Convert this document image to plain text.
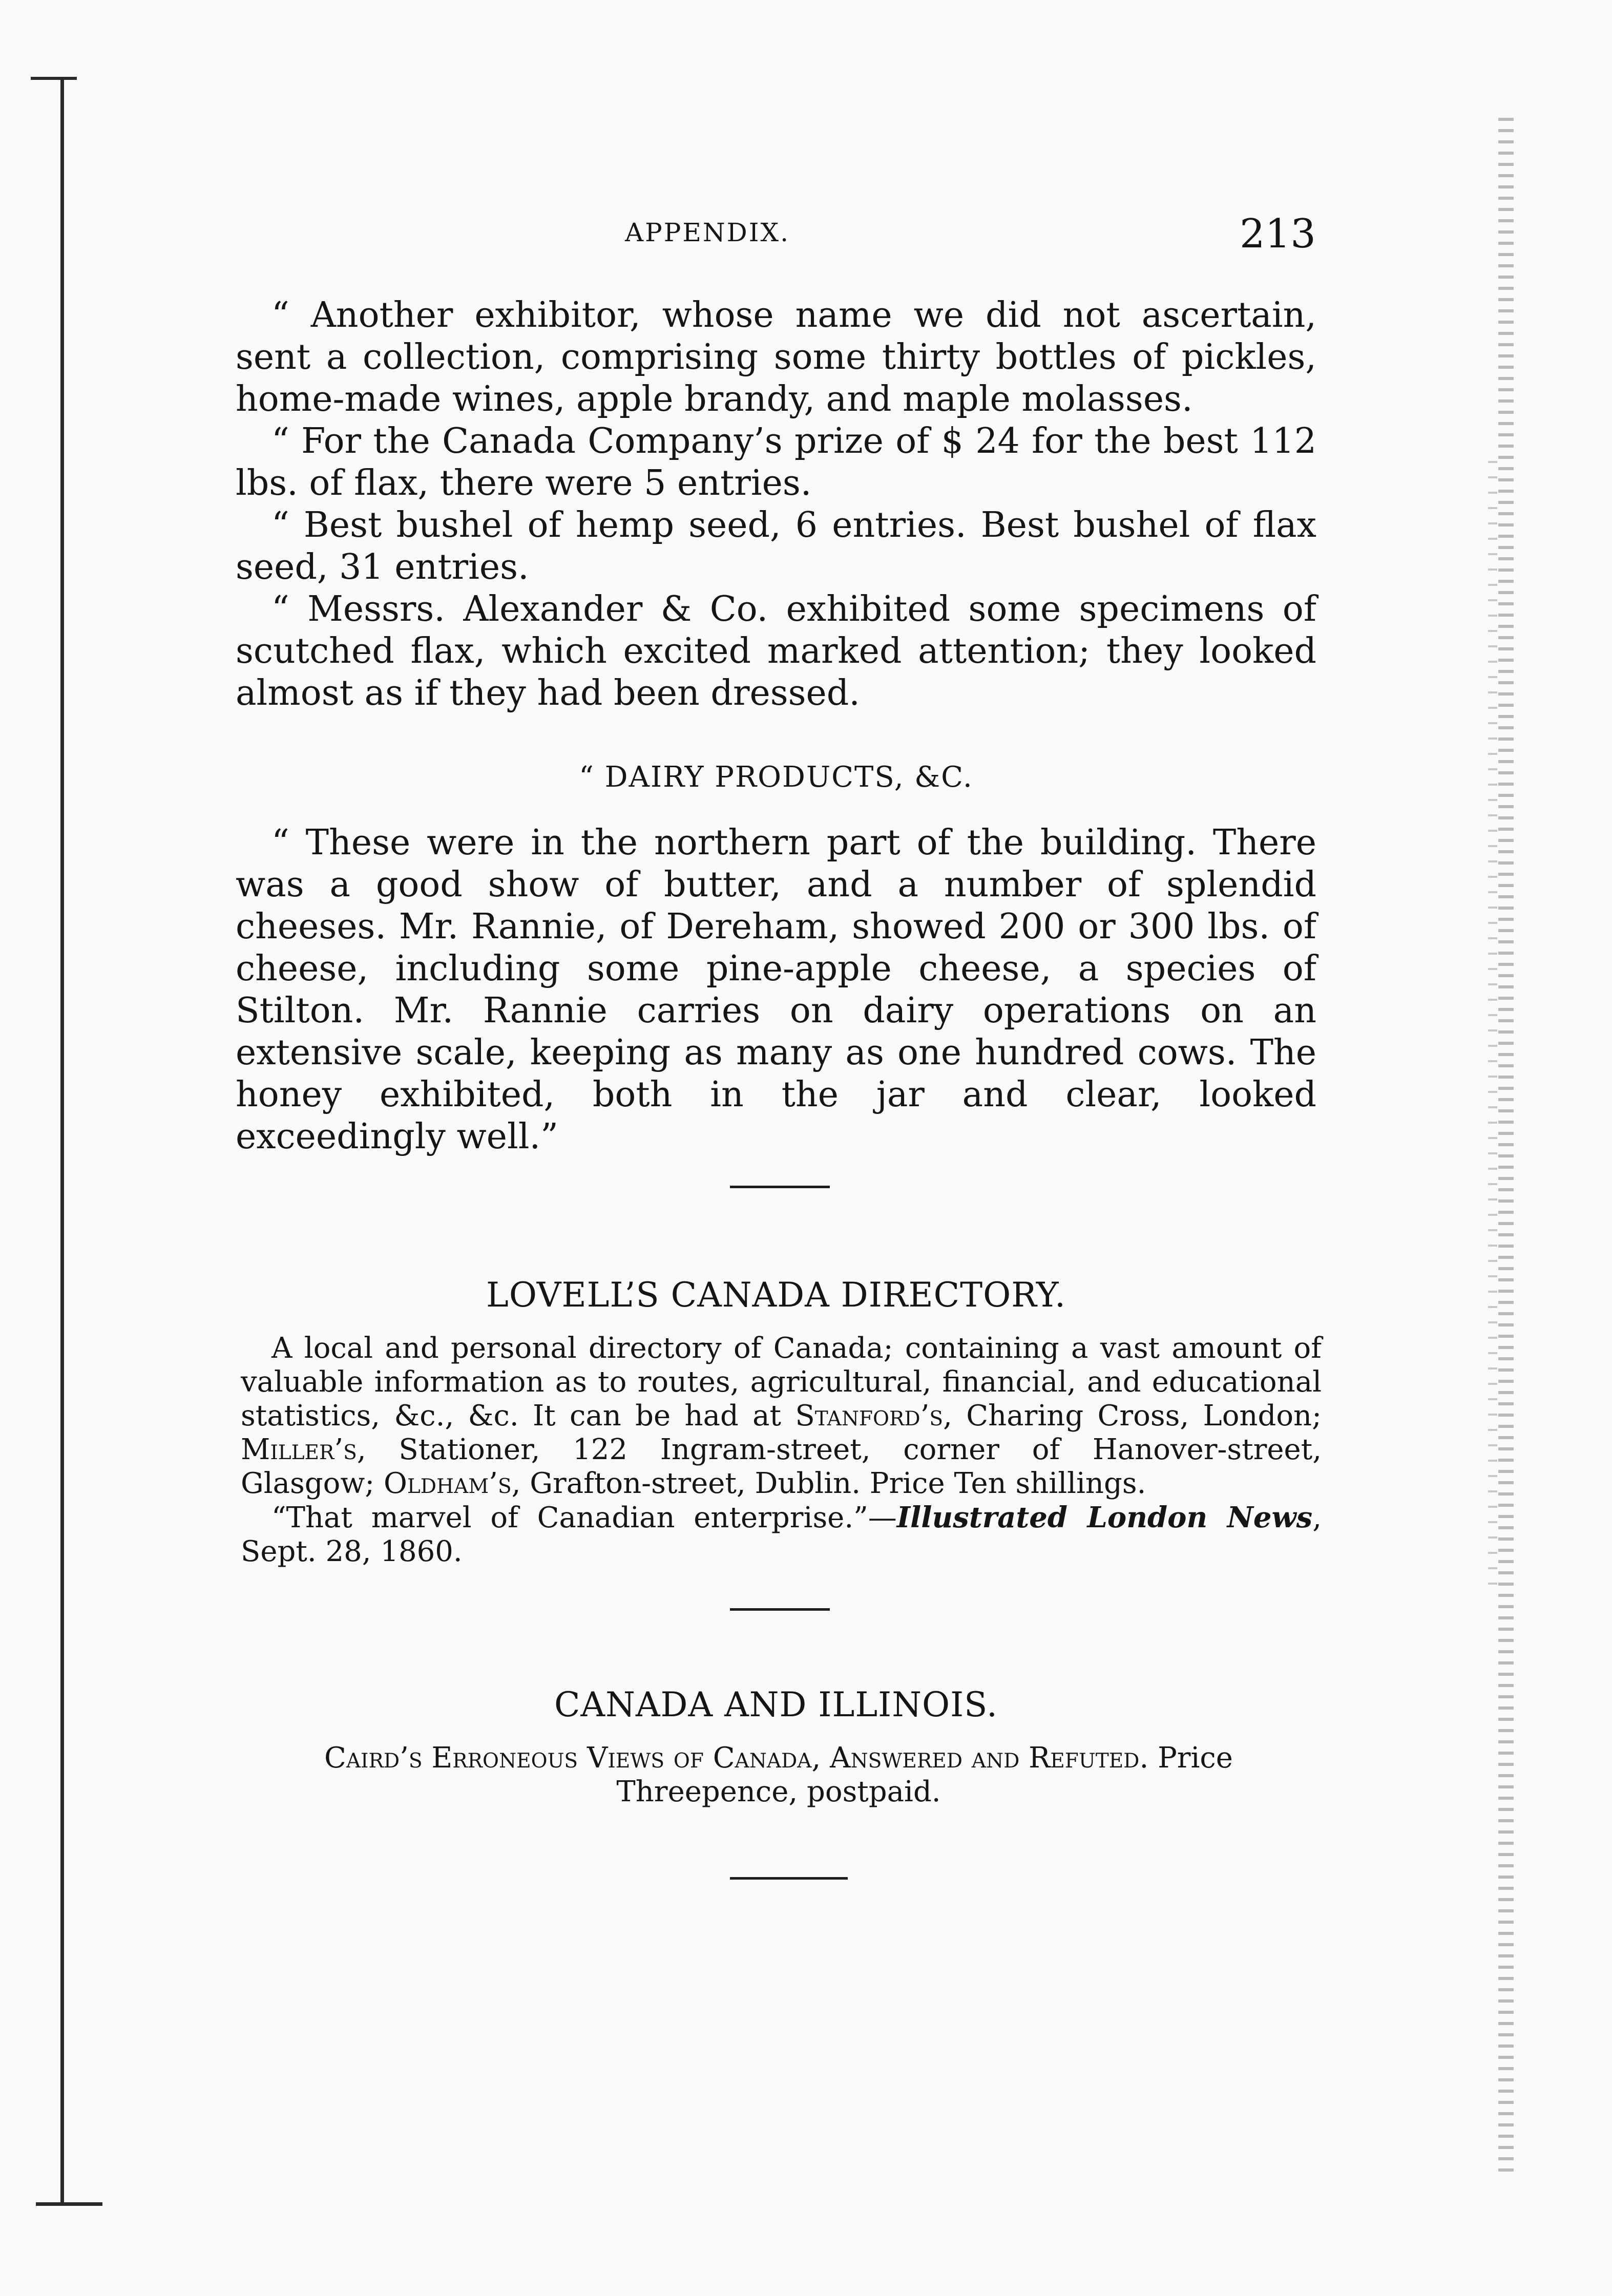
APPENDIX.	213

“ Another exhibitor, whose name we did not ascertain, sent a collection, comprising some thirty bottles of pickles, home-made wines, apple brandy, and maple molasses.

“ For the Canada Company’s prize of $ 24 for the best 112 lbs. of flax, there were 5 entries.

“ Best bushel of hemp seed, 6 entries. Best bushel of flax seed, 31 entries.

“ Messrs. Alexander & Co. exhibited some specimens of scutched flax, which excited marked attention; they looked almost as if they had been dressed.

“ DAIRY PRODUCTS, &C.

“ These were in the northern part of the building. There was a good show of butter, and a number of splendid cheeses. Mr. Rannie, of Dereham, showed 200 or 300 lbs. of cheese, including some pine-apple cheese, a species of Stilton. Mr. Rannie carries on dairy operations on an extensive scale, keeping as many as one hundred cows. The honey exhibited, both in the jar and clear, looked exceedingly well.”

LOVELL’S CANADA DIRECTORY.

A local and personal directory of Canada; containing a vast amount of valuable information as to routes, agricultural, financial, and educational statistics, &c., &c. It can be had at Stanford’s, Charing Cross, London; Miller’s, Stationer, 122 Ingram-street, corner of Hanover-street, Glasgow; Oldham’s, Grafton-street, Dublin. Price Ten shillings.

“That marvel of Canadian enterprise.”—Illustrated London News, Sept. 28, 1860.

CANADA AND ILLINOIS.
Caird’s Erroneous Views of Canada, Answered and Refuted. Price Threepence, postpaid.
